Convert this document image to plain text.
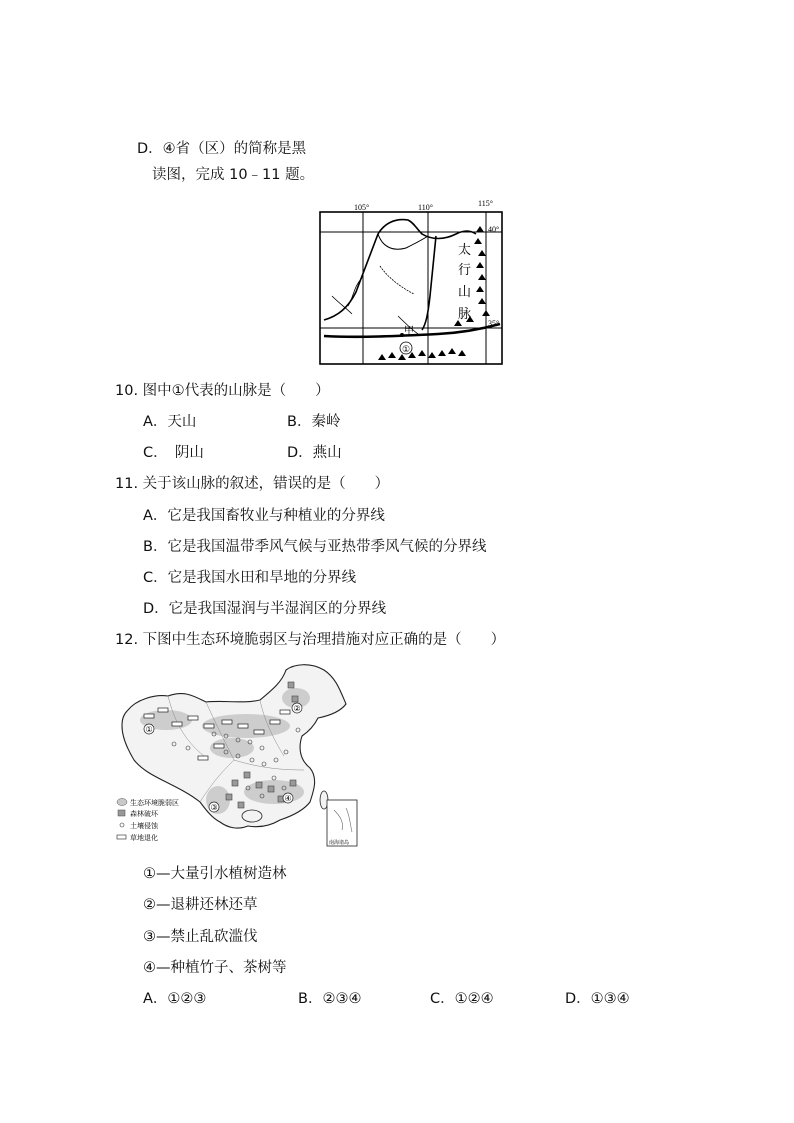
D．④省（区）的简称是黑
读图，完成 10﹣11 题。
①
甲
105°	110°	115°
40°
35°
太
行
山
脉
10. 图中①代表的山脉是（　　）
A．天山	B．秦岭
C．　阴山	D．燕山
11. 关于该山脉的叙述，错误的是（　　）
A．它是我国畜牧业与种植业的分界线
B．它是我国温带季风气候与亚热带季风气候的分界线
C．它是我国水田和旱地的分界线
D．它是我国湿润与半湿润区的分界线
12. 下图中生态环境脆弱区与治理措施对应正确的是（　　）
①
②
③
④
生态环境脆弱区
森林破坏
土壤侵蚀
草地退化
南海诸岛
①—大量引水植树造林
②—退耕还林还草
③—禁止乱砍滥伐
④—种植竹子、茶树等
A．①②③	B．②③④	C．①②④	D．①③④
